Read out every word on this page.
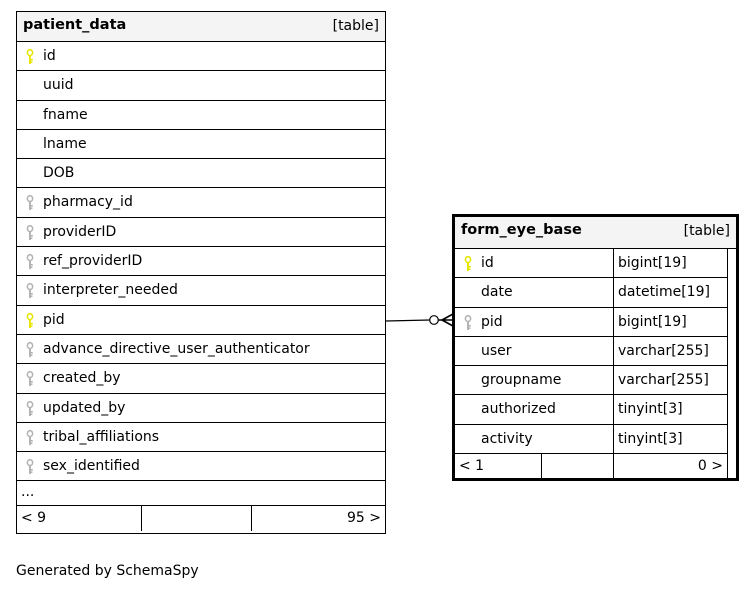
patient_data	[table]
id
uuid
fname
lname
DOB
pharmacy_id
providerID
ref_providerID
interpreter_needed
pid
advance_directive_user_authenticator
created_by
updated_by
tribal_affiliations
sex_identified
...
< 9	95 >
form_eye_base	[table]
id	bigint[19]
date	datetime[19]
pid	bigint[19]
user	varchar[255]
groupname	varchar[255]
authorized	tinyint[3]
activity	tinyint[3]
< 1	0 >
Generated by SchemaSpy
